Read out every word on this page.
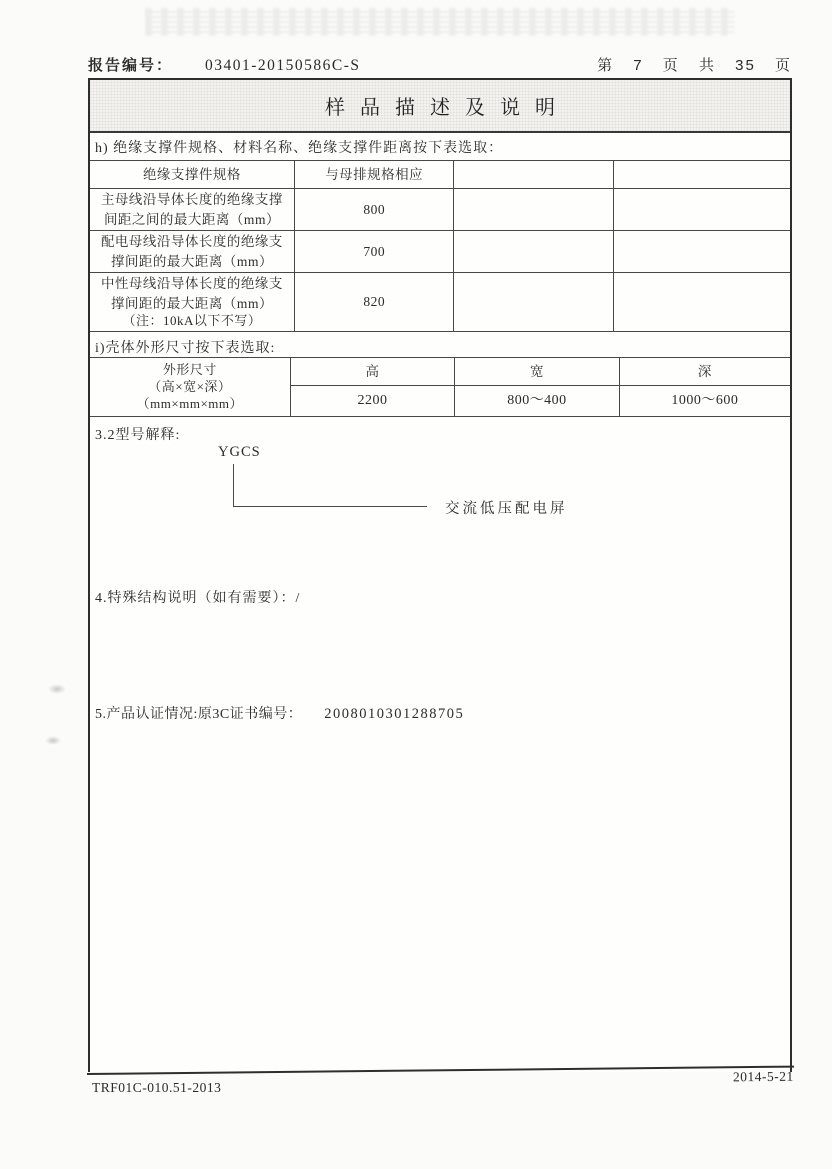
报告编号： 03401-20150586C-S	第 7 页 共 35 页
样品描述及说明
h) 绝缘支撑件规格、材料名称、绝缘支撑件距离按下表选取：
绝缘支撑件规格	与母排规格相应		
主母线沿导体长度的绝缘支撑间距之间的最大距离（mm）	800		
配电母线沿导体长度的绝缘支撑间距的最大距离（mm）	700		
中性母线沿导体长度的绝缘支撑间距的最大距离（mm）
（注：10kA以下不写）	820		
i)壳体外形尺寸按下表选取:
外形尺寸
（高×宽×深）
（mm×mm×mm）	高	宽	深
	2200	800～400	1000～600
3.2型号解释:
YGCS
交流低压配电屏
4.特殊结构说明（如有需要）：/
5.产品认证情况:原3C证书编号： 2008010301288705
TRF01C-010.51-2013
2014-5-21
